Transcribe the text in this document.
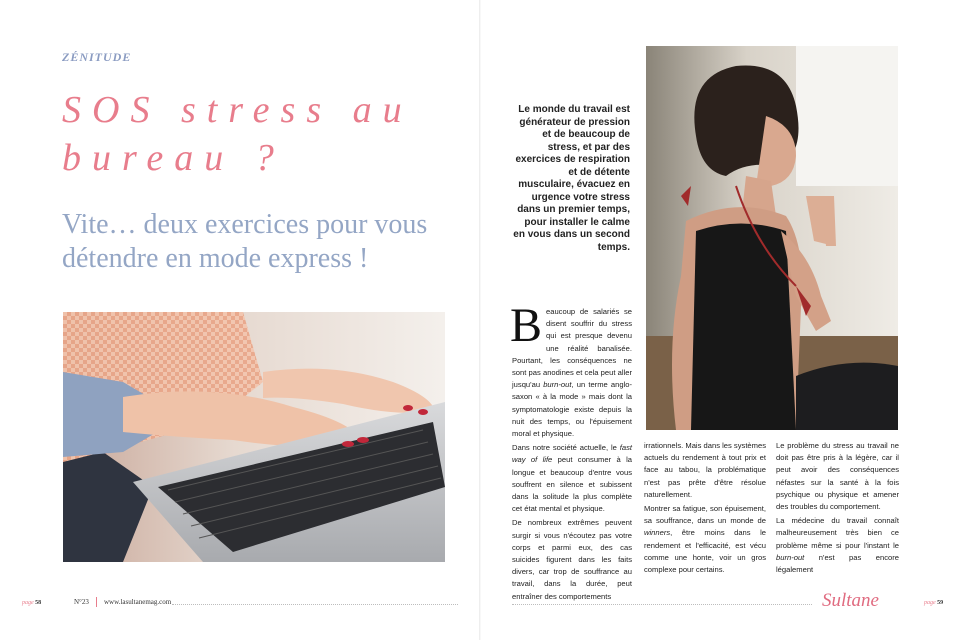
ZÉNITUDE
SOS stress au bureau ?
Vite… deux exercices pour vous détendre en mode express !
page 58	N°23 www.lasultanemag.com

Le monde du travail est générateur de pression et de beaucoup de stress, et par des exercices de respiration et de détente musculaire, évacuez en urgence votre stress dans un premier temps, pour installer le calme en vous dans un second temps.

B eaucoup de salariés se disent souffrir du stress qui est presque devenu une réalité banalisée. Pourtant, les conséquences ne sont pas anodines et cela peut aller jusqu'au burn-out, un terme anglo-saxon « à la mode » mais dont la symptomatologie existe depuis la nuit des temps, ou l'épuisement moral et physique.

Dans notre société actuelle, le fast way of life peut consumer à la longue et beaucoup d'entre vous souffrent en silence et subissent dans la solitude la plus complète cet état mental et physique.

De nombreux extrêmes peuvent surgir si vous n'écoutez pas votre corps et parmi eux, des cas suicides figurent dans les faits divers, car trop de souffrance au travail, dans la durée, peut entraîner des comportements

irrationnels. Mais dans les systèmes actuels du rendement à tout prix et face au tabou, la problématique n'est pas prête d'être résolue naturellement.

Montrer sa fatigue, son épuisement, sa souffrance, dans un monde de winners, être moins dans le rendement et l'efficacité, est vécu comme une honte, voir un gros complexe pour certains.

Le problème du stress au travail ne doit pas être pris à la légère, car il peut avoir des conséquences néfastes sur la santé à la fois psychique ou physique et amener des troubles du comportement.

La médecine du travail connaît malheureusement très bien ce problème même si pour l'instant le burn-out n'est pas encore légalement

Sultane	page 59
